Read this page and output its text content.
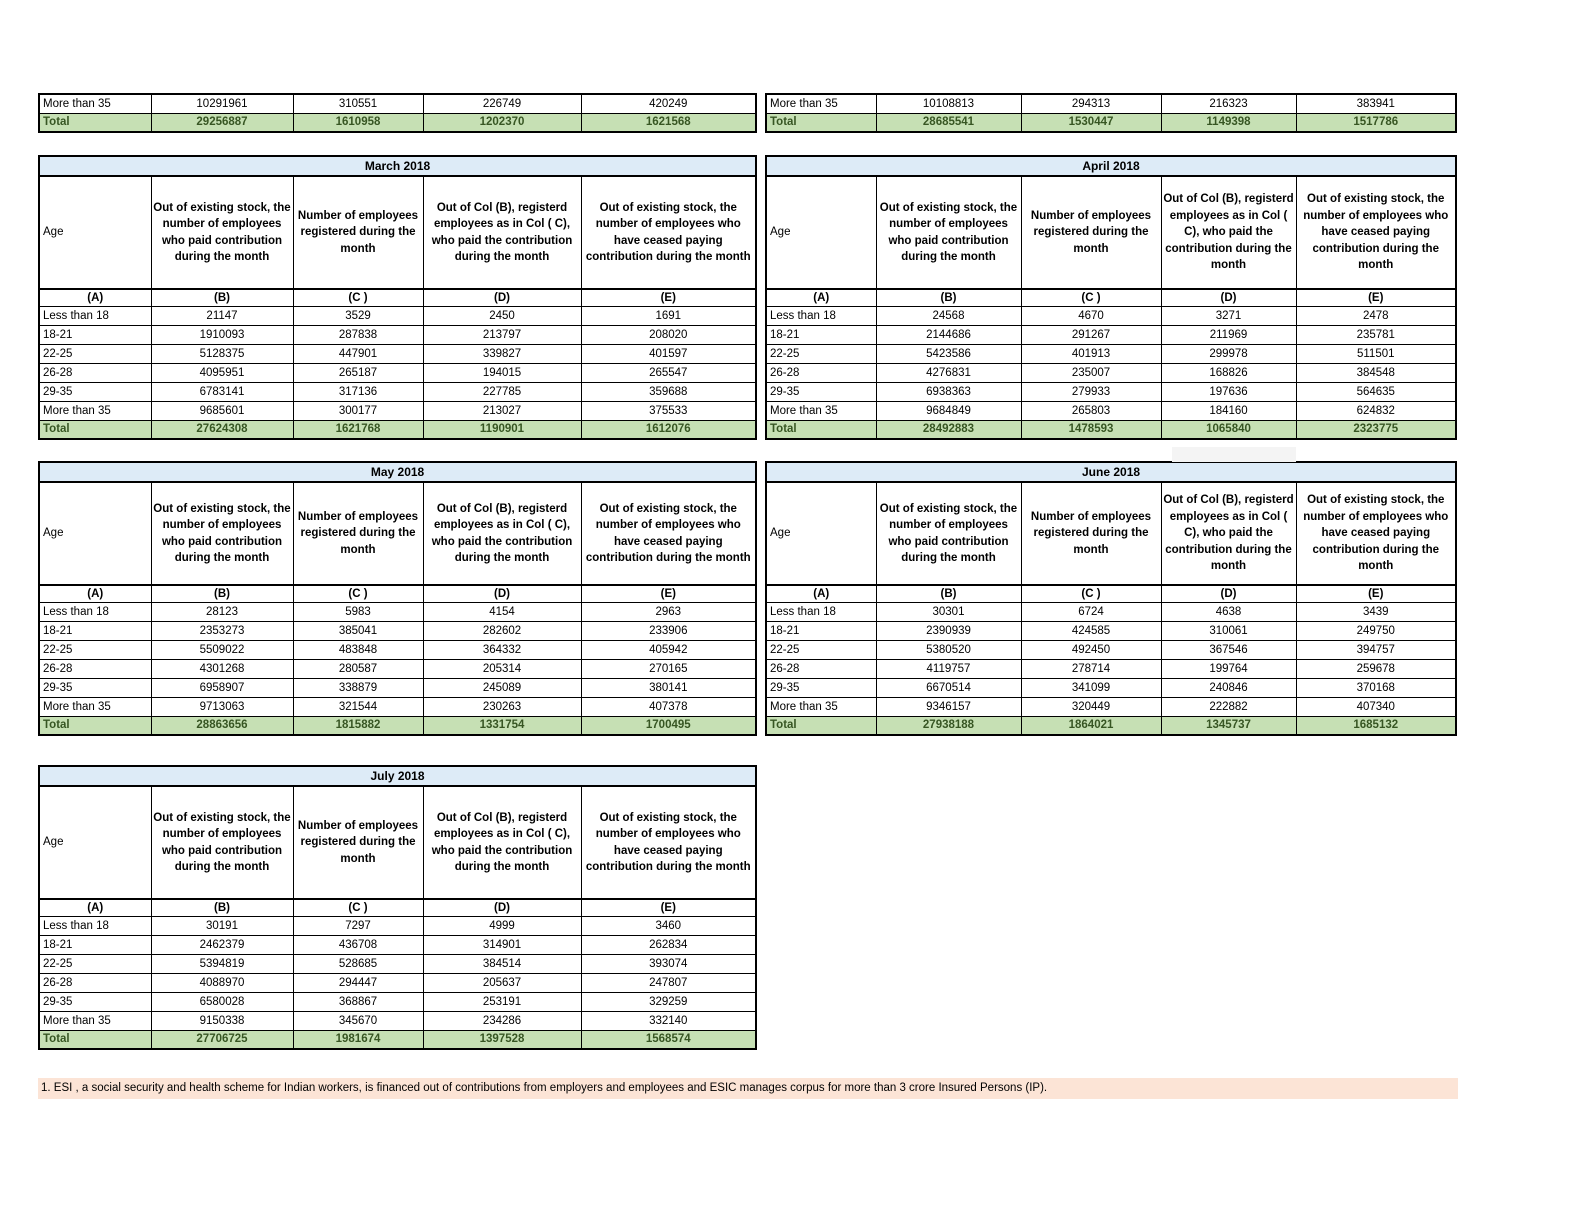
More than 35	10291961	310551	226749	420249
Total	29256887	1610958	1202370	1621568
More than 35	10108813	294313	216323	383941
Total	28685541	1530447	1149398	1517786
March 2018				

Age	Out of existing stock, the number of employees who paid contribution during the month	Number of employees registered during the month	Out of Col (B), registerd employees as in Col ( C), who paid the contribution during the month	Out of existing stock, the number of employees who have ceased paying contribution during the month

(A)	(B)	(C )	(D)	(E)
Less than 18	21147	3529	2450	1691
18-21	1910093	287838	213797	208020
22-25	5128375	447901	339827	401597
26-28	4095951	265187	194015	265547
29-35	6783141	317136	227785	359688
More than 35	9685601	300177	213027	375533
Total	27624308	1621768	1190901	1612076
April 2018				

Age	Out of existing stock, the number of employees who paid contribution during the month	Number of employees registered during the month	Out of Col (B), registerd employees as in Col ( C), who paid the contribution during the month	Out of existing stock, the number of employees who have ceased paying contribution during the month

(A)	(B)	(C )	(D)	(E)
Less than 18	24568	4670	3271	2478
18-21	2144686	291267	211969	235781
22-25	5423586	401913	299978	511501
26-28	4276831	235007	168826	384548
29-35	6938363	279933	197636	564635
More than 35	9684849	265803	184160	624832
Total	28492883	1478593	1065840	2323775
May 2018				

Age	Out of existing stock, the number of employees who paid contribution during the month	Number of employees registered during the month	Out of Col (B), registerd employees as in Col ( C), who paid the contribution during the month	Out of existing stock, the number of employees who have ceased paying contribution during the month

(A)	(B)	(C )	(D)	(E)
Less than 18	28123	5983	4154	2963
18-21	2353273	385041	282602	233906
22-25	5509022	483848	364332	405942
26-28	4301268	280587	205314	270165
29-35	6958907	338879	245089	380141
More than 35	9713063	321544	230263	407378
Total	28863656	1815882	1331754	1700495
June 2018				

Age	Out of existing stock, the number of employees who paid contribution during the month	Number of employees registered during the month	Out of Col (B), registerd employees as in Col ( C), who paid the contribution during the month	Out of existing stock, the number of employees who have ceased paying contribution during the month

(A)	(B)	(C )	(D)	(E)
Less than 18	30301	6724	4638	3439
18-21	2390939	424585	310061	249750
22-25	5380520	492450	367546	394757
26-28	4119757	278714	199764	259678
29-35	6670514	341099	240846	370168
More than 35	9346157	320449	222882	407340
Total	27938188	1864021	1345737	1685132
July 2018				

Age	Out of existing stock, the number of employees who paid contribution during the month	Number of employees registered during the month	Out of Col (B), registerd employees as in Col ( C), who paid the contribution during the month	Out of existing stock, the number of employees who have ceased paying contribution during the month

(A)	(B)	(C )	(D)	(E)
Less than 18	30191	7297	4999	3460
18-21	2462379	436708	314901	262834
22-25	5394819	528685	384514	393074
26-28	4088970	294447	205637	247807
29-35	6580028	368867	253191	329259
More than 35	9150338	345670	234286	332140
Total	27706725	1981674	1397528	1568574
1. ESI , a social security and health scheme for Indian workers, is financed out of contributions from employers and employees and ESIC manages corpus for more than 3 crore Insured Persons (IP).
